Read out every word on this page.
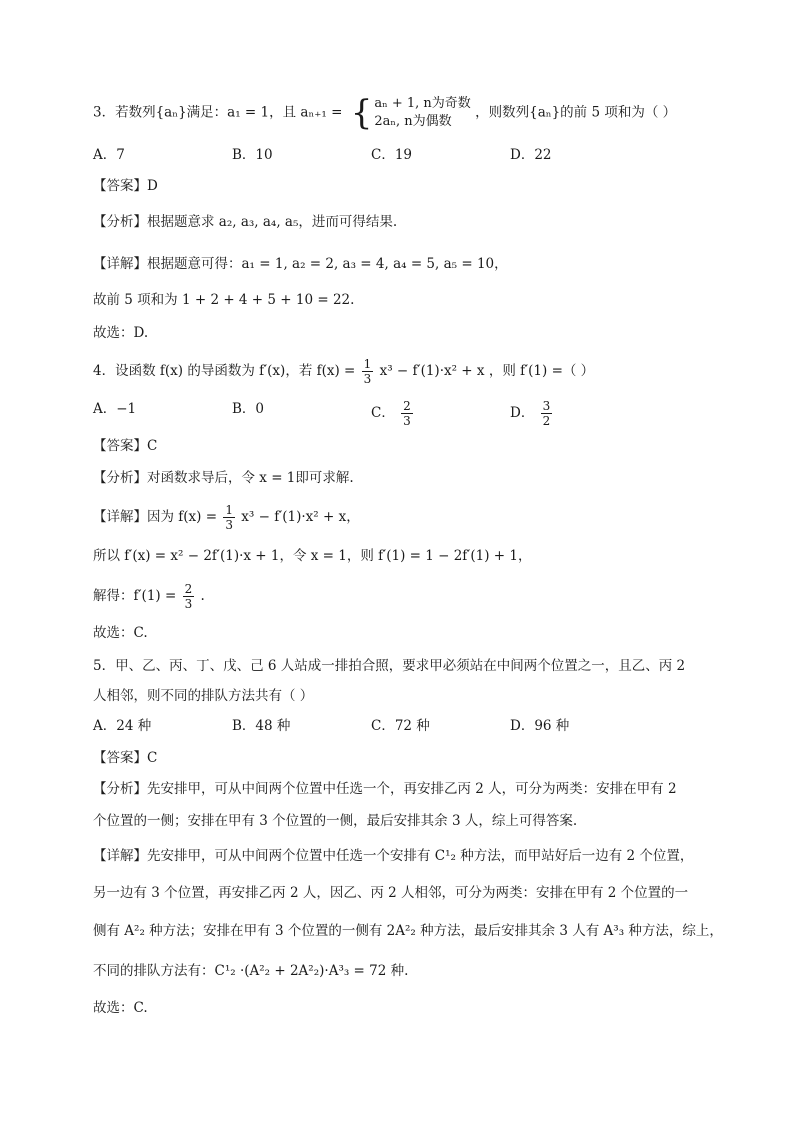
3．若数列{aₙ}满足：a₁ = 1，且 aₙ₊₁ = { aₙ + 1, n为奇数
2aₙ, n为偶数
，则数列{aₙ}的前 5 项和为（ ）
A．7	B．10	C．19	D．22
【答案】D
【分析】根据题意求 a₂, a₃, a₄, a₅，进而可得结果.
【详解】根据题意可得：a₁ = 1, a₂ = 2, a₃ = 4, a₄ = 5, a₅ = 10，
故前 5 项和为 1 + 2 + 4 + 5 + 10 = 22.
故选：D.
4．设函数 f(x) 的导函数为 f′(x)，若 $f(x) = \frac{1}{3} x^3 - f'(1)\cdot x^2 + x$ ，则 f′(1) =（ ）
A．−1	B．0	C． $\frac{2}{3}$	D． $\frac{3}{2}$
【答案】C
【分析】对函数求导后，令 x = 1即可求解.
【详解】因为 $f(x) = \frac{1}{3} x^3 - f'(1)\cdot x^2 + x$，
所以 f′(x) = x² − 2f′(1)·x + 1，令 x = 1，则 f′(1) = 1 − 2f′(1) + 1，
解得：$f'(1) = \frac{2}{3}$ .
故选：C.
5．甲、乙、丙、丁、戊、己 6 人站成一排拍合照，要求甲必须站在中间两个位置之一，且乙、丙 2
人相邻，则不同的排队方法共有（ ）
A．24 种	B．48 种	C．72 种	D．96 种
【答案】C
【分析】先安排甲，可从中间两个位置中任选一个，再安排乙丙 2 人，可分为两类：安排在甲有 2
个位置的一侧；安排在甲有 3 个位置的一侧，最后安排其余 3 人，综上可得答案.
【详解】先安排甲，可从中间两个位置中任选一个安排有 C¹₂ 种方法，而甲站好后一边有 2 个位置，
另一边有 3 个位置，再安排乙丙 2 人，因乙、丙 2 人相邻，可分为两类：安排在甲有 2 个位置的一
侧有 A²₂ 种方法；安排在甲有 3 个位置的一侧有 2A²₂ 种方法，最后安排其余 3 人有 A³₃ 种方法，综上，
不同的排队方法有：C¹₂ ·(A²₂ + 2A²₂)·A³₃ = 72 种.
故选：C.
